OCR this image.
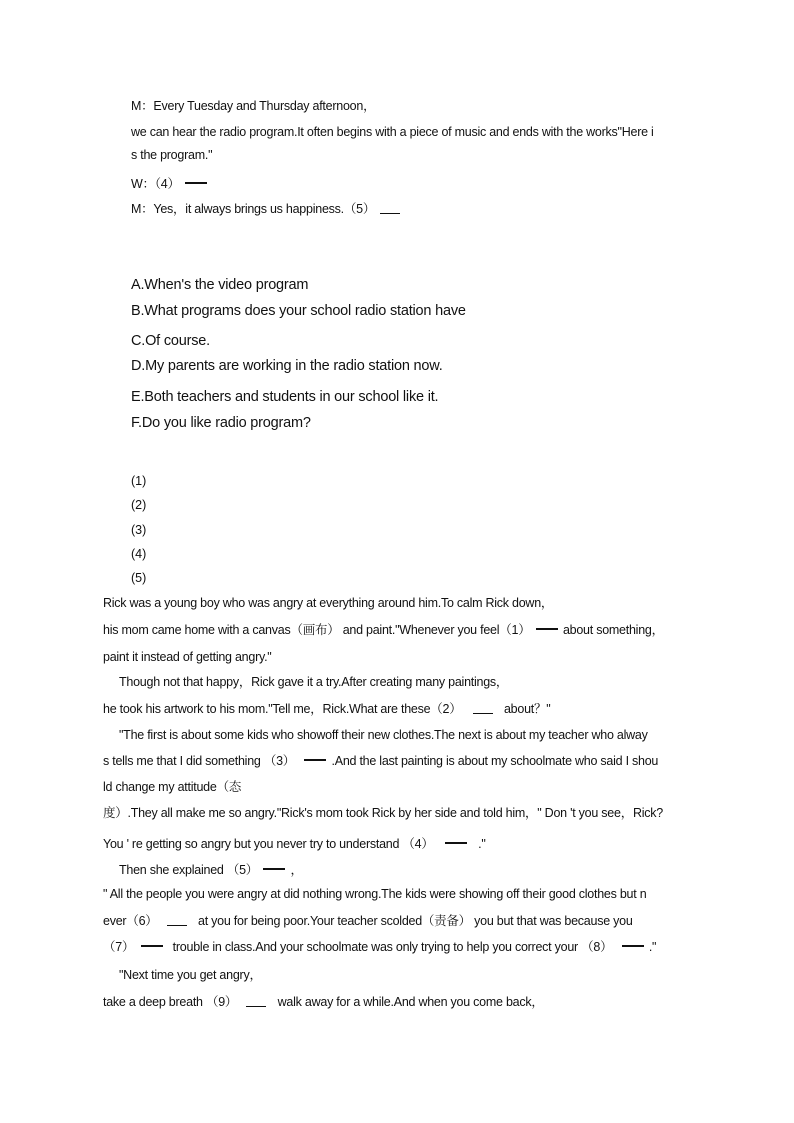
M：Every Tuesday and Thursday afternoon，
we can hear the radio program.It often begins with a piece of music and ends with the works"Here i
s the program."
W：（4）
M：Yes，it always brings us happiness.（5）
A.When's the video program
B.What programs does your school radio station have
C.Of course.
D.My parents are working in the radio station now.
E.Both teachers and students in our school like it.
F.Do you like radio program?
(1)
(2)
(3)
(4)
(5)
Rick was a young boy who was angry at everything around him.To calm Rick down，
his mom came home with a canvas（画布） and paint."Whenever you feel（1）	about something，
paint it instead of getting angry."
Though not that happy，Rick gave it a try.After creating many paintings，
he took his artwork to his mom."Tell me，Rick.What are these（2）	about？"
"The first is about some kids who showoff their new clothes.The next is about my teacher who alway
s tells me that I did something （3）	.And the last painting is about my schoolmate who said I shou
ld change my attitude（态
度）.They all make me so angry."Rick's mom took Rick by her side and told him，" Don 't you see，Rick?
You ' re getting so angry but you never try to understand （4）	."
Then she explained （5）	，
" All the people you were angry at did nothing wrong.The kids were showing off their good clothes but n
ever（6）	at you for being poor.Your teacher scolded（责备） you but that was because you
（7）	trouble in class.And your schoolmate was only trying to help you correct your （8）	."
"Next time you get angry，
take a deep breath （9）	walk away for a while.And when you come back，
